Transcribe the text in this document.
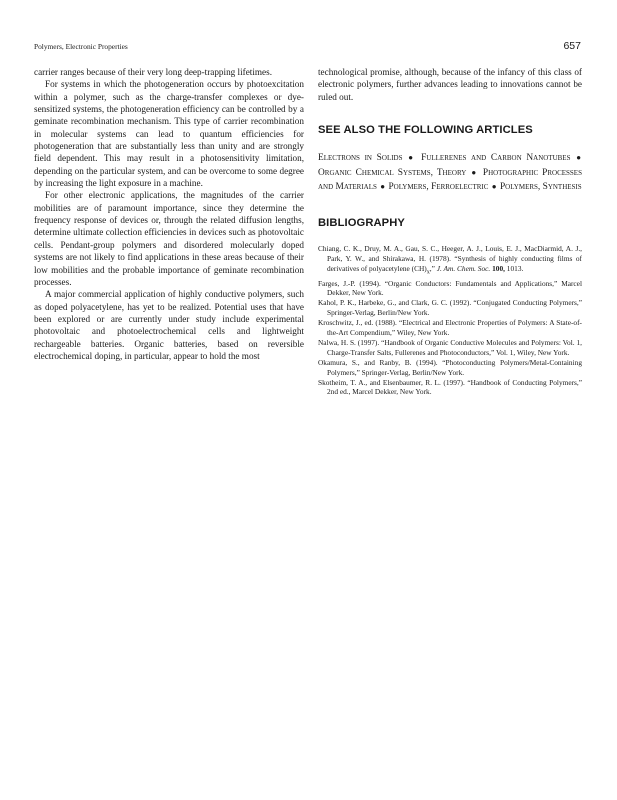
Polymers, Electronic Properties	657

carrier ranges because of their very long deep-trapping lifetimes.

For systems in which the photogeneration occurs by photoexcitation within a polymer, such as the charge-transfer complexes or dye-sensitized systems, the photogeneration efficiency can be controlled by a geminate recombination mechanism. This type of carrier recombination in molecular systems can lead to quantum efficiencies for photogeneration that are substantially less than unity and are strongly field dependent. This may result in a photosensitivity limitation, depending on the particular system, and can be overcome to some degree by increasing the light exposure in a machine.

For other electronic applications, the magnitudes of the carrier mobilities are of paramount importance, since they determine the frequency response of devices or, through the related diffusion lengths, determine ultimate collection efficiencies in devices such as photovoltaic cells. Pendant-group polymers and disordered molecularly doped systems are not likely to find applications in these areas because of their low mobilities and the probable importance of geminate recombination processes.

A major commercial application of highly conductive polymers, such as doped polyacetylene, has yet to be realized. Potential uses that have been explored or are currently under study include experimental photovoltaic and photoelectrochemical cells and lightweight rechargeable batteries. Organic batteries, based on reversible electrochemical doping, in particular, appear to hold the most

technological promise, although, because of the infancy of this class of electronic polymers, further advances leading to innovations cannot be ruled out.

SEE ALSO THE FOLLOWING ARTICLES
Electrons in Solids ● Fullerenes and Carbon Nanotubes ● Organic Chemical Systems, Theory ● Photographic Processes and Materials ● Polymers, Ferroelectric ● Polymers, Synthesis
BIBLIOGRAPHY

Chiang, C. K., Druy, M. A., Gau, S. C., Heeger, A. J., Louis, E. J., MacDiarmid, A. J., Park, Y. W., and Shirakawa, H. (1978). “Synthesis of highly conducting films of derivatives of polyacetylene $(CH)_x$,” J. Am. Chem. Soc. 100, 1013.

Farges, J.-P. (1994). “Organic Conductors: Fundamentals and Applications,” Marcel Dekker, New York.

Kahol, P. K., Harbeke, G., and Clark, G. C. (1992). “Conjugated Conducting Polymers,” Springer-Verlag, Berlin/New York.

Kroschwitz, J., ed. (1988). “Electrical and Electronic Properties of Polymers: A State-of-the-Art Compendium,” Wiley, New York.

Nalwa, H. S. (1997). “Handbook of Organic Conductive Molecules and Polymers: Vol. 1, Charge-Transfer Salts, Fullerenes and Photoconductors,” Vol. 1, Wiley, New York.

Okamura, S., and Ranby, B. (1994). “Photoconducting Polymers/Metal-Containing Polymers,” Springer-Verlag, Berlin/New York.

Skotheim, T. A., and Elsenbaumer, R. L. (1997). “Handbook of Conducting Polymers,” 2nd ed., Marcel Dekker, New York.
